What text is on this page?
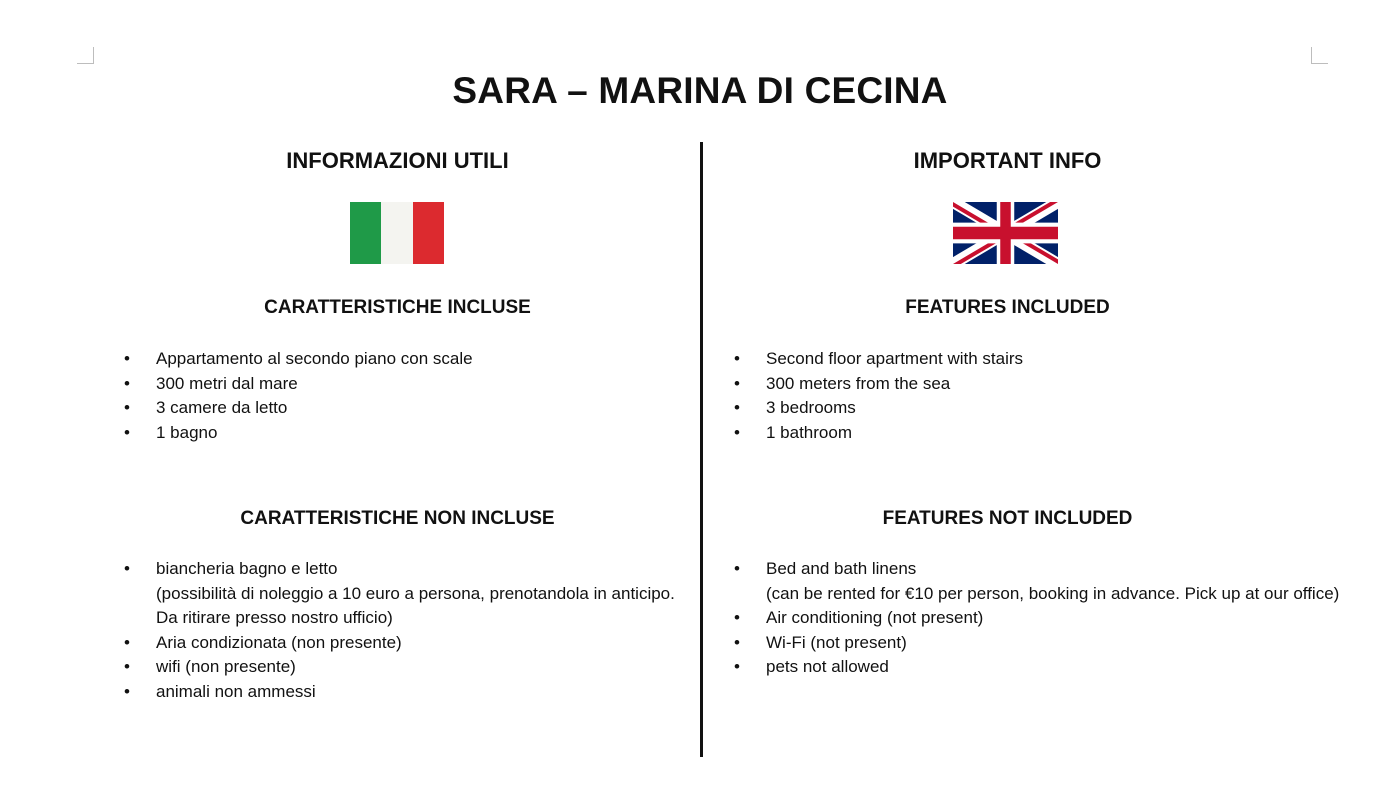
SARA – MARINA DI CECINA
INFORMAZIONI UTILI
CARATTERISTICHE INCLUSE
• Appartamento al secondo piano con scale
• 300 metri dal mare
• 3 camere da letto
• 1 bagno
CARATTERISTICHE NON INCLUSE
• biancheria bagno e letto
(possibilità di noleggio a 10 euro a persona, prenotandola in anticipo. Da ritirare presso nostro ufficio)
• Aria condizionata (non presente)
• wifi (non presente)
• animali non ammessi
IMPORTANT INFO
FEATURES INCLUDED
• Second floor apartment with stairs
• 300 meters from the sea
• 3 bedrooms
• 1 bathroom
FEATURES NOT INCLUDED
• Bed and bath linens
(can be rented for €10 per person, booking in advance. Pick up at our office)
• Air conditioning (not present)
• Wi-Fi (not present)
• pets not allowed
